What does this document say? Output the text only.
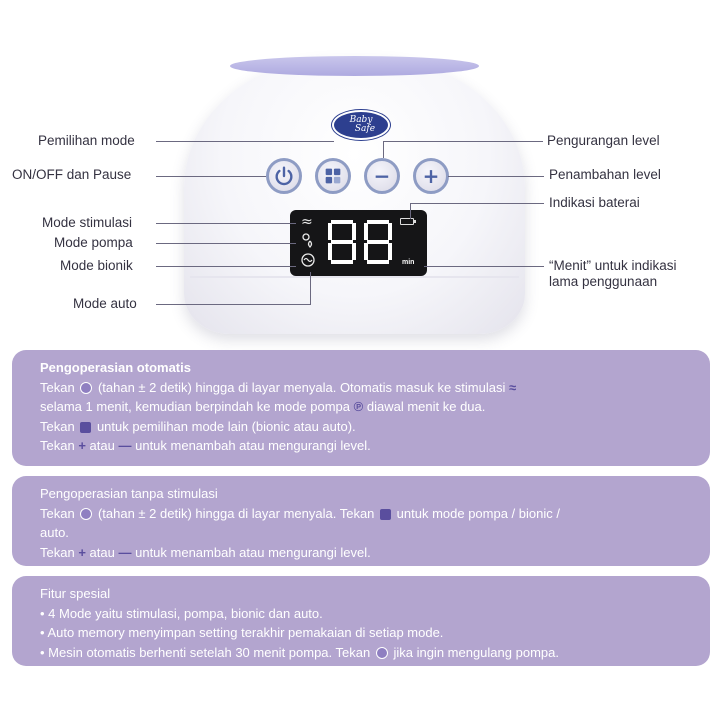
Baby
Safe
− +
≈
min
Pemilihan mode
ON/OFF dan Pause
Mode stimulasi
Mode pompa
Mode bionik
Mode auto
Pengurangan level
Penambahan level
Indikasi baterai
“Menit” untuk indikasi
lama penggunaan

Pengoperasian otomatis

Tekan (tahan ± 2 detik) hingga di layar menyala. Otomatis masuk ke stimulasi ≈

selama 1 menit, kemudian berpindah ke mode pompa ℗ diawal menit ke dua.

Tekan untuk pemilihan mode lain (bionic atau auto).

Tekan + atau — untuk menambah atau mengurangi level.

Pengoperasian tanpa stimulasi

Tekan (tahan ± 2 detik) hingga di layar menyala. Tekan untuk mode pompa / bionic /

auto.

Tekan + atau — untuk menambah atau mengurangi level.

Fitur spesial

• 4 Mode yaitu stimulasi, pompa, bionic dan auto.

• Auto memory menyimpan setting terakhir pemakaian di setiap mode.

• Mesin otomatis berhenti setelah 30 menit pompa. Tekan jika ingin mengulang pompa.
